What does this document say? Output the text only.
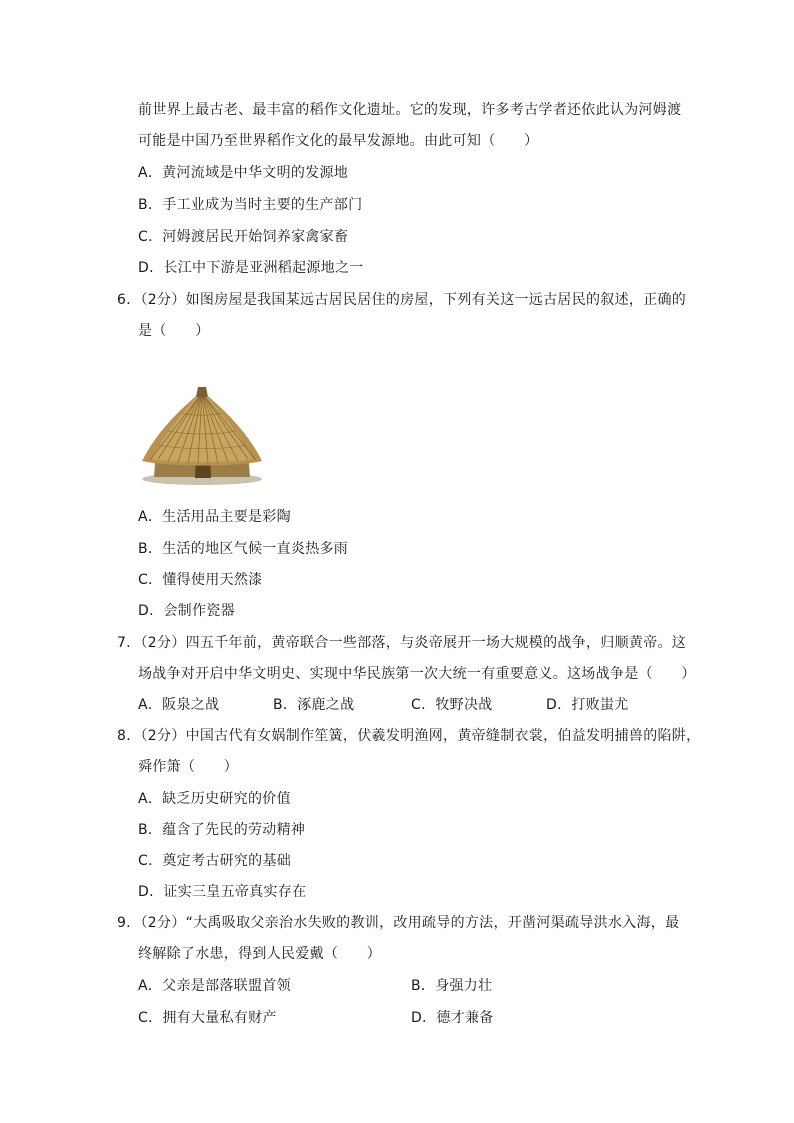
前世界上最古老、最丰富的稻作文化遗址。它的发现，许多考古学者还依此认为河姆渡
可能是中国乃至世界稻作文化的最早发源地。由此可知（　　）
A．黄河流域是中华文明的发源地
B．手工业成为当时主要的生产部门
C．河姆渡居民开始饲养家禽家畜
D．长江中下游是亚洲稻起源地之一
6．（2分）如图房屋是我国某远古居民居住的房屋，下列有关这一远古居民的叙述，正确的
是（　　）
A．生活用品主要是彩陶
B．生活的地区气候一直炎热多雨
C．懂得使用天然漆
D．会制作瓷器
7．（2分）四五千年前，黄帝联合一些部落，与炎帝展开一场大规模的战争，归顺黄帝。这
场战争对开启中华文明史、实现中华民族第一次大统一有重要意义。这场战争是（　　）
A．阪泉之战	B．涿鹿之战	C．牧野决战	D．打败蚩尤
8．（2分）中国古代有女娲制作笙簧，伏羲发明渔网，黄帝缝制衣裳，伯益发明捕兽的陷阱，
舜作箫（　　）
A．缺乏历史研究的价值
B．蕴含了先民的劳动精神
C．奠定考古研究的基础
D．证实三皇五帝真实存在
9．（2分）“大禹吸取父亲治水失败的教训，改用疏导的方法，开凿河渠疏导洪水入海，最
终解除了水患，得到人民爱戴（　　）
A．父亲是部落联盟首领	B．身强力壮
C．拥有大量私有财产	D．德才兼备
